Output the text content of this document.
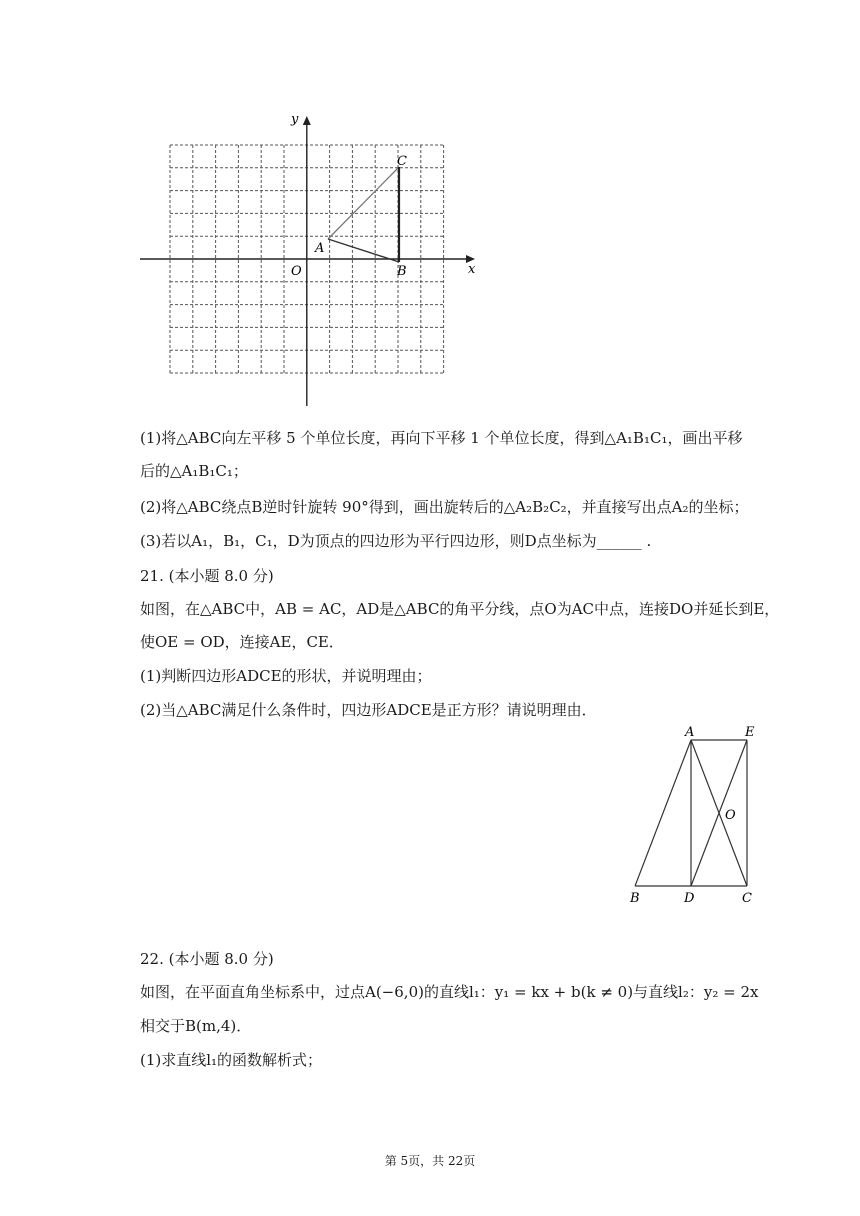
y
x
O
A
B
C
(1)将△ABC向左平移 5 个单位长度，再向下平移 1 个单位长度，得到△A₁B₁C₁，画出平移
后的△A₁B₁C₁；
(2)将△ABC绕点B逆时针旋转 90°得到，画出旋转后的△A₂B₂C₂，并直接写出点A₂的坐标；
(3)若以A₁，B₁，C₁，D为顶点的四边形为平行四边形，则D点坐标为______ .
21. (本小题 8.0 分)
如图，在△ABC中，AB = AC，AD是△ABC的角平分线，点O为AC中点，连接DO并延长到E，
使OE = OD，连接AE，CE．
(1)判断四边形ADCE的形状，并说明理由；
(2)当△ABC满足什么条件时，四边形ADCE是正方形？请说明理由．
A	E
O
B	D	C
22. (本小题 8.0 分)
如图，在平面直角坐标系中，过点A(−6,0)的直线l₁：y₁ = kx + b(k ≠ 0)与直线l₂：y₂ = 2x
相交于B(m,4)．
(1)求直线l₁的函数解析式；
第 5页，共 22页
